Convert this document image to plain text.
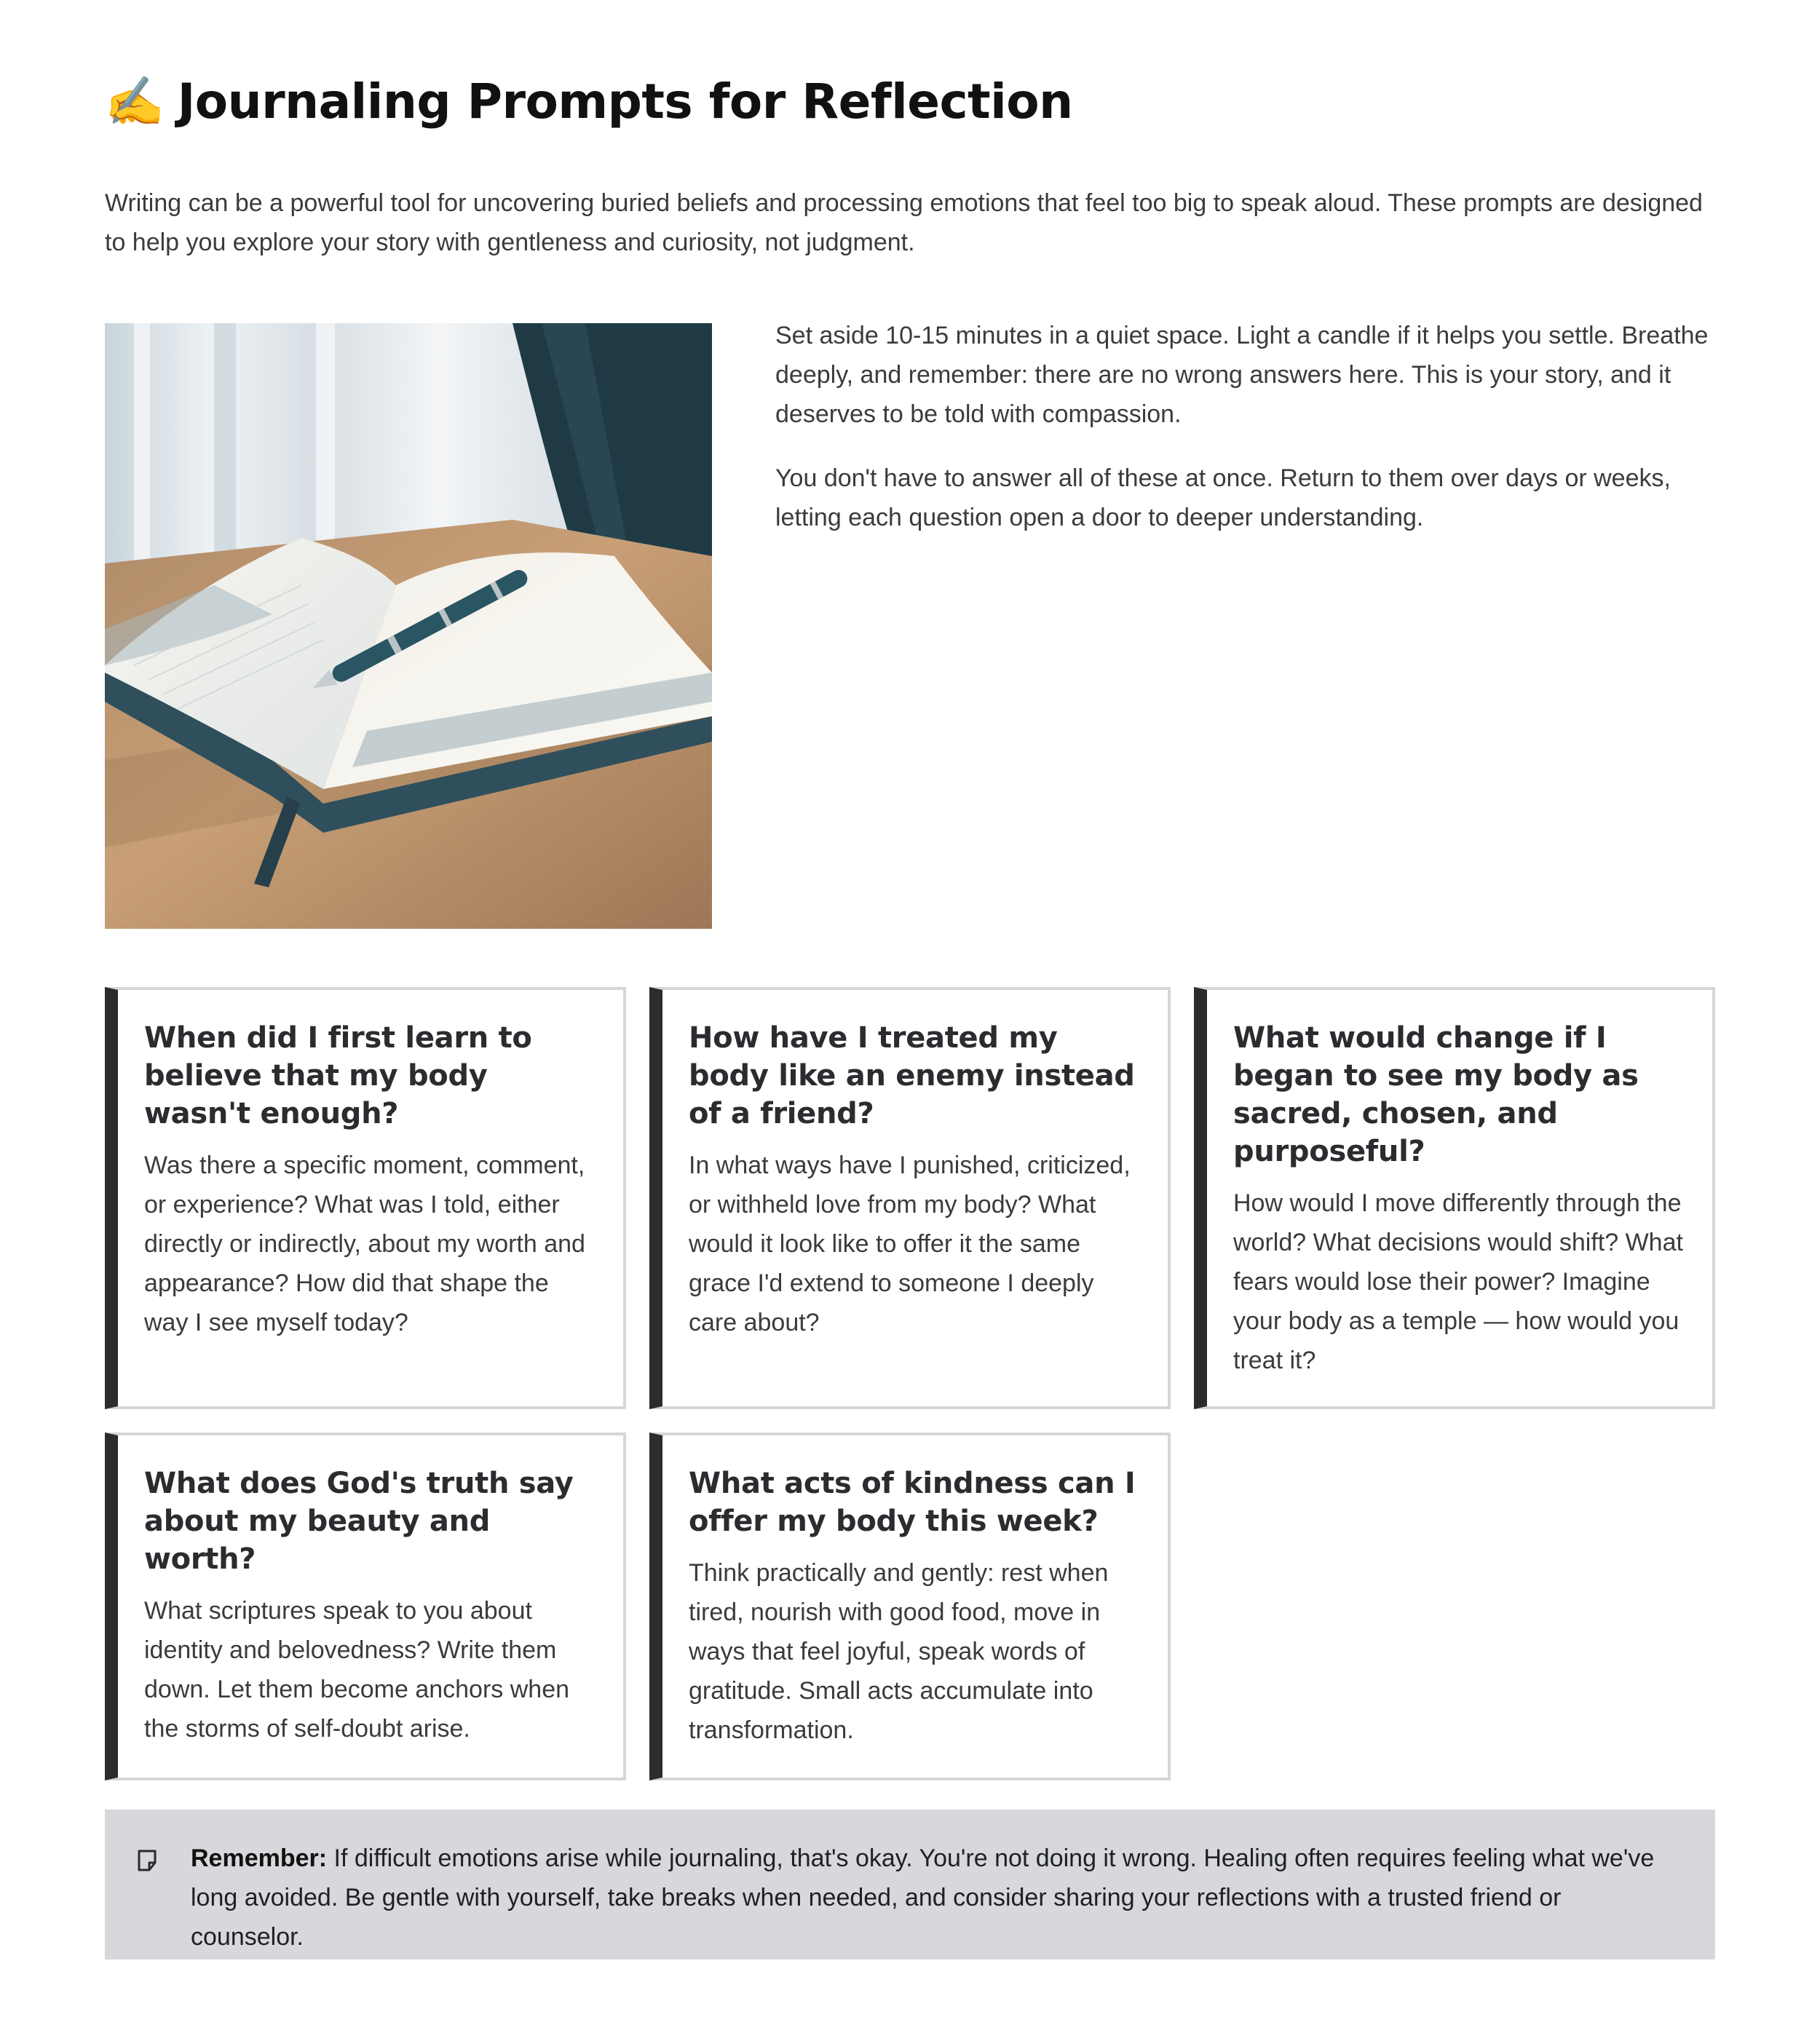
✍️ Journaling Prompts for Reflection

Writing can be a powerful tool for uncovering buried beliefs and processing emotions that feel too big to speak aloud. These prompts are designed to help you explore your story with gentleness and curiosity, not judgment.

Set aside 10-15 minutes in a quiet space. Light a candle if it helps you settle. Breathe deeply, and remember: there are no wrong answers here. This is your story, and it deserves to be told with compassion.

You don't have to answer all of these at once. Return to them over days or weeks, letting each question open a door to deeper understanding.

When did I first learn to believe that my body wasn't enough?

Was there a specific moment, comment, or experience? What was I told, either directly or indirectly, about my worth and appearance? How did that shape the way I see myself today?

How have I treated my body like an enemy instead of a friend?

In what ways have I punished, criticized, or withheld love from my body? What would it look like to offer it the same grace I'd extend to someone I deeply care about?

What would change if I began to see my body as sacred, chosen, and purposeful?

How would I move differently through the world? What decisions would shift? What fears would lose their power? Imagine your body as a temple — how would you treat it?

What does God's truth say about my beauty and worth?

What scriptures speak to you about identity and belovedness? Write them down. Let them become anchors when the storms of self-doubt arise.

What acts of kindness can I offer my body this week?

Think practically and gently: rest when tired, nourish with good food, move in ways that feel joyful, speak words of gratitude. Small acts accumulate into transformation.

Remember: If difficult emotions arise while journaling, that's okay. You're not doing it wrong. Healing often requires feeling what we've long avoided. Be gentle with yourself, take breaks when needed, and consider sharing your reflections with a trusted friend or counselor.
